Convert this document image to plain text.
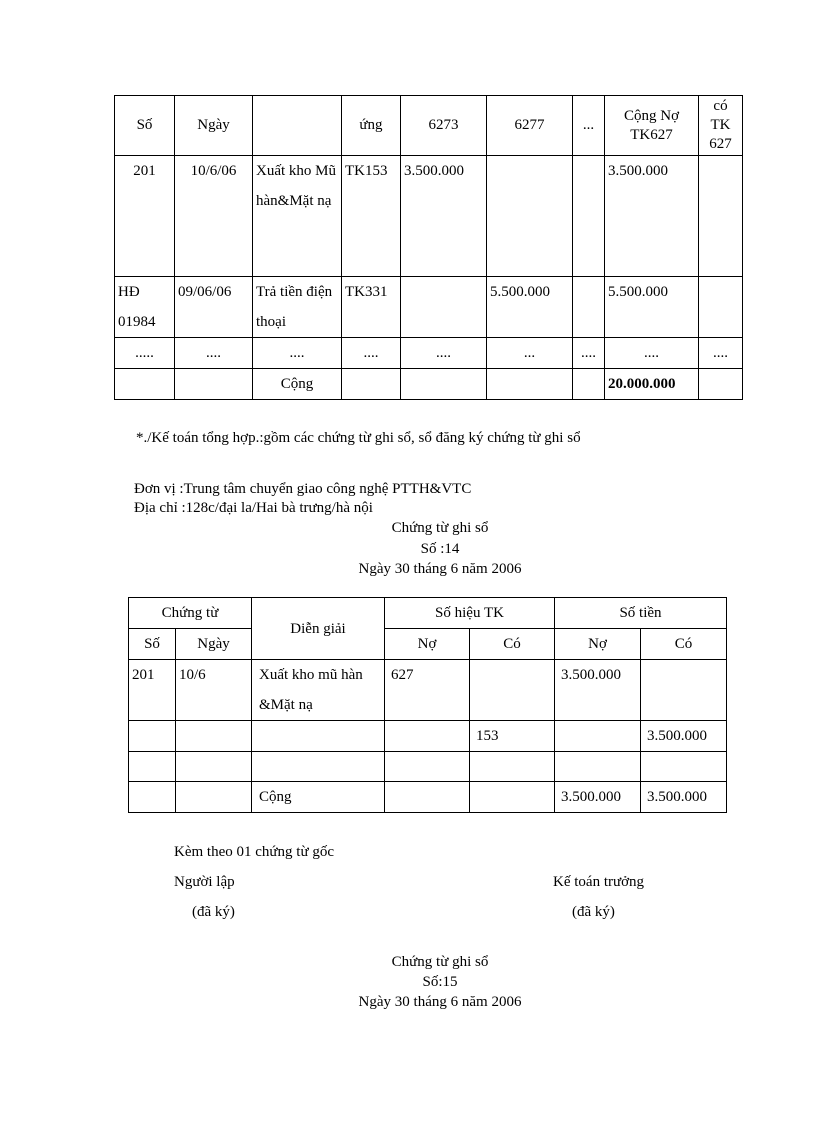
Số	Ngày		ứng	6273	6277	...	Cộng Nợ TK627	có TK 627
201	10/6/06	Xuất kho Mũ hàn&Mặt nạ	TK153	3.500.000			3.500.000	
HĐ 01984	09/06/06	Trả tiền điện thoại	TK331		5.500.000		5.500.000	
.....	....	....	....	....	...	....	....	....
		Cộng					20.000.000	
*./Kế toán tổng hợp.:gồm các chứng từ ghi sổ, sổ đăng ký chứng từ ghi sổ
Đơn vị :Trung tâm chuyển giao công nghệ PTTH&VTC
Địa chỉ :128c/đại la/Hai bà trưng/hà nội
Chứng từ ghi sổ
Số :14
Ngày 30 tháng 6 năm 2006
Chứng từ		Diễn giải	Số hiệu TK		Số tiền	
Số	Ngày		Nợ	Có	Nợ	Có
201	10/6	Xuất kho mũ hàn &Mặt nạ	627		3.500.000	
				153		3.500.000

		Cộng			3.500.000	3.500.000
Kèm theo 01 chứng từ gốc
Người lập
(đã ký)
Kế toán trưởng
(đã ký)
Chứng từ ghi sổ
Số:15
Ngày 30 tháng 6 năm 2006
